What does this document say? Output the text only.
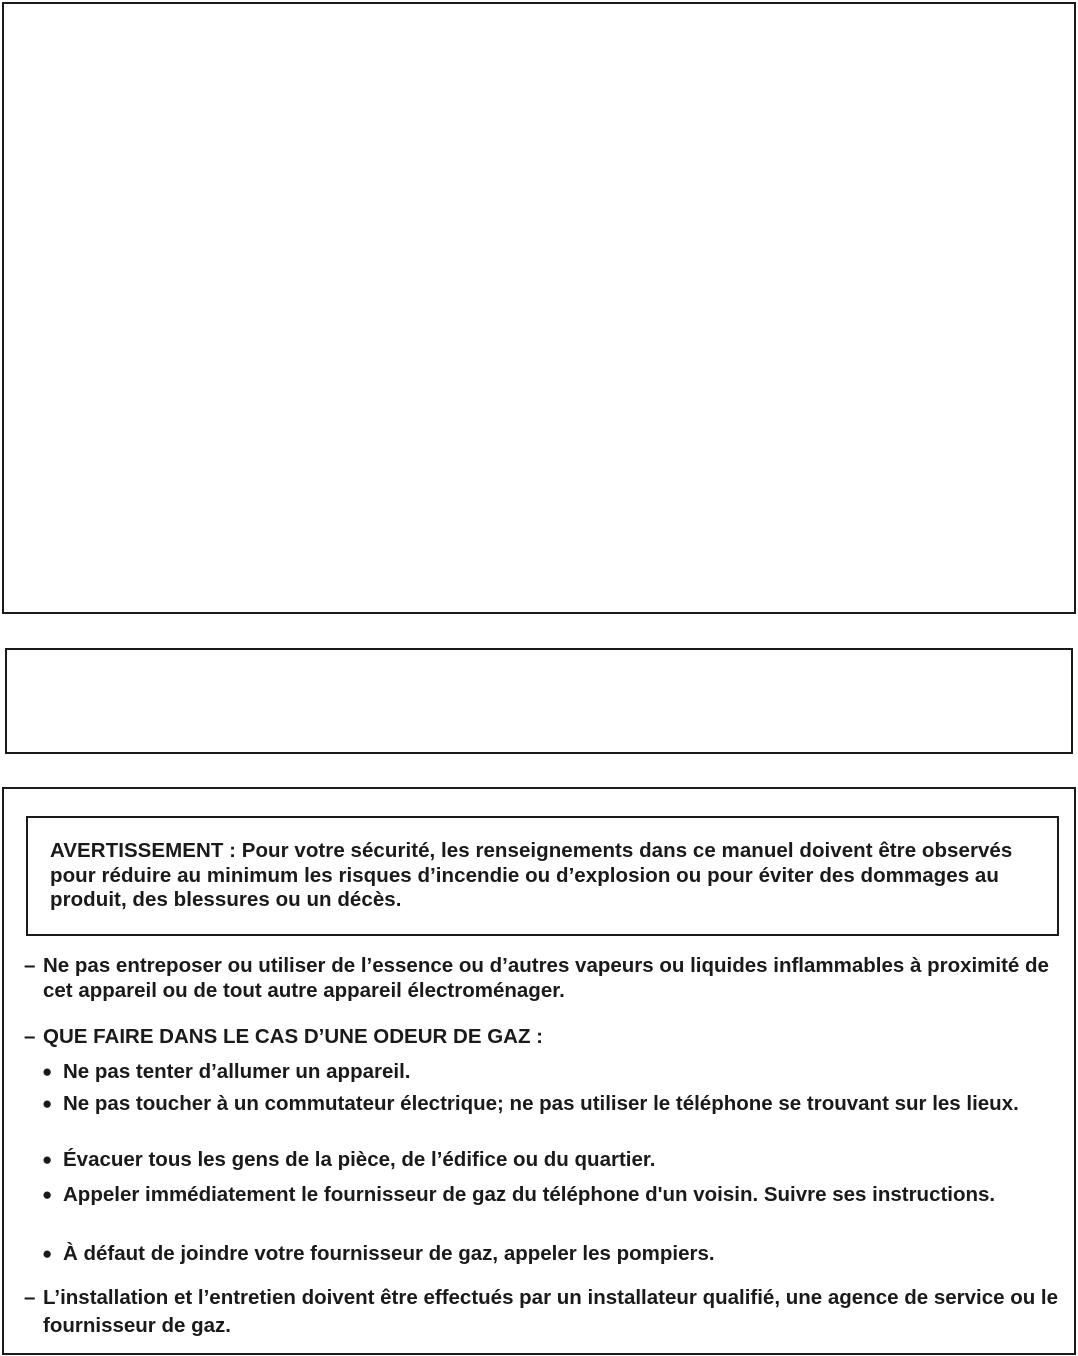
AVERTISSEMENT : Pour votre sécurité, les renseignements dans ce manuel doivent être observés pour réduire au minimum les risques d’incendie ou d’explosion ou pour éviter des dommages au produit, des blessures ou un décès.

– Ne pas entreposer ou utiliser de l’essence ou d’autres vapeurs ou liquides inflammables à proximité de cet appareil ou de tout autre appareil électroménager.
– QUE FAIRE DANS LE CAS D’UNE ODEUR DE GAZ :
● Ne pas tenter d’allumer un appareil.
● Ne pas toucher à un commutateur électrique; ne pas utiliser le téléphone se trouvant sur les lieux.
● Évacuer tous les gens de la pièce, de l’édifice ou du quartier.
● Appeler immédiatement le fournisseur de gaz du téléphone d'un voisin. Suivre ses instructions.
● À défaut de joindre votre fournisseur de gaz, appeler les pompiers.
– L’installation et l’entretien doivent être effectués par un installateur qualifié, une agence de service ou le fournisseur de gaz.
